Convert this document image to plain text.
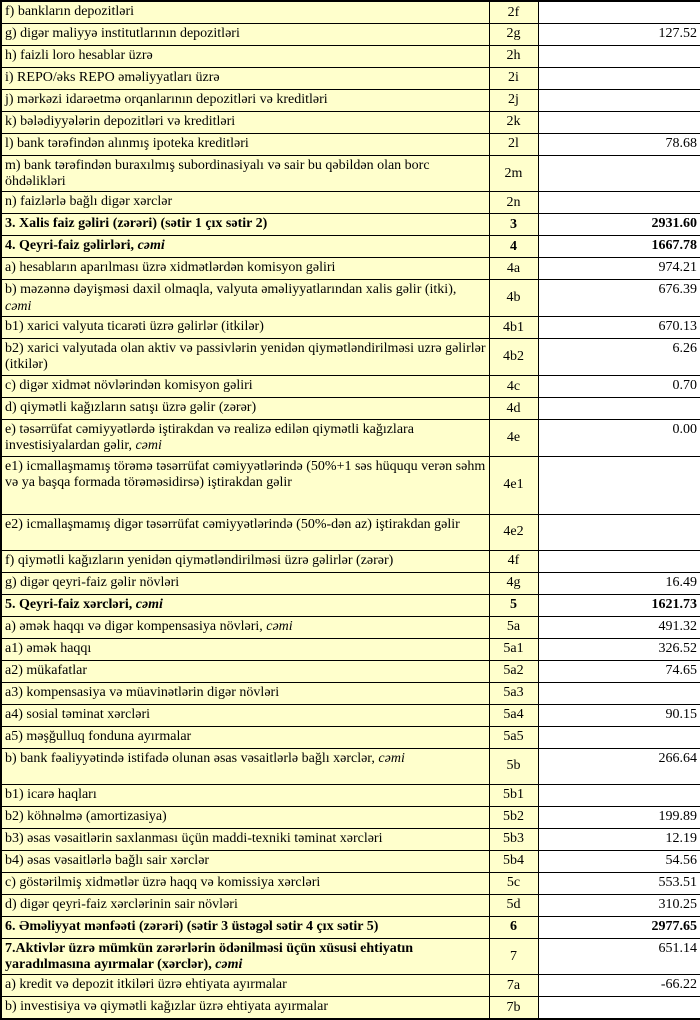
f) bankların depozitləri	2f	
g) digər maliyyə institutlarının depozitləri	2g	127.52
h) faizli loro hesablar üzrə	2h	
i) REPO/əks REPO əməliyyatları üzrə	2i	
j) mərkəzi idarəetmə orqanlarının depozitləri və kreditləri	2j	
k) bələdiyyələrin depozitləri və kreditləri	2k	
l) bank tərəfindən alınmış ipoteka kreditləri	2l	78.68
m) bank tərəfindən buraxılmış subordinasiyalı və sair bu qəbildən olan borc öhdəlikləri	2m	
n) faizlərlə bağlı digər xərclər	2n	
3. Xalis faiz gəliri (zərəri) (sətir 1 çıx sətir 2)	3	2931.60
4. Qeyri-faiz gəlirləri, cəmi	4	1667.78
a) hesabların aparılması üzrə xidmətlərdən komisyon gəliri	4a	974.21
b) məzənnə dəyişməsi daxil olmaqla, valyuta əməliyyatlarından xalis gəlir (itki), cəmi	4b	676.39
b1) xarici valyuta ticarəti üzrə gəlirlər (itkilər)	4b1	670.13
b2) xarici valyutada olan aktiv və passivlərin yenidən qiymətləndirilməsi uzrə gəlirlər (itkilər)	4b2	6.26
c) digər xidmət növlərindən komisyon gəliri	4c	0.70
d) qiymətli kağızların satışı üzrə gəlir (zərər)	4d	
e) təsərrüfat cəmiyyətlərdə iştirakdan və realizə edilən qiymətli kağızlara investisiyalardan gəlir, cəmi	4e	0.00
e1) icmallaşmamış törəmə təsərrüfat cəmiyyətlərində (50%+1 səs hüququ verən səhm və ya başqa formada törəməsidirsə) iştirakdan gəlir	4e1	
e2) icmallaşmamış digər təsərrüfat cəmiyyətlərində (50%-dən az) iştirakdan gəlir	4e2	
f) qiymətli kağızların yenidən qiymətləndirilməsi üzrə gəlirlər (zərər)	4f	
g) digər qeyri-faiz gəlir növləri	4g	16.49
5. Qeyri-faiz xərcləri, cəmi	5	1621.73
a) əmək haqqı və digər kompensasiya növləri, cəmi	5a	491.32
a1) əmək haqqı	5a1	326.52
a2) mükafatlar	5a2	74.65
a3) kompensasiya və müavinətlərin digər növləri	5a3	
a4) sosial təminat xərcləri	5a4	90.15
a5) məşğulluq fonduna ayırmalar	5a5	
b) bank fəaliyyətində istifadə olunan əsas vəsaitlərlə bağlı xərclər, cəmi	5b	266.64
b1) icarə haqları	5b1	
b2) köhnəlmə (amortizasiya)	5b2	199.89
b3) əsas vəsaitlərin saxlanması üçün maddi-texniki təminat xərcləri	5b3	12.19
b4) əsas vəsaitlərlə bağlı sair xərclər	5b4	54.56
c) göstərilmiş xidmətlər üzrə haqq və komissiya xərcləri	5c	553.51
d) digər qeyri-faiz xərclərinin sair növləri	5d	310.25
6. Əməliyyat mənfəəti (zərəri) (sətir 3 üstəgəl sətir 4 çıx sətir 5)	6	2977.65
7.Aktivlər üzrə mümkün zərərlərin ödənilməsi üçün xüsusi ehtiyatın yaradılmasına ayırmalar (xərclər), cəmi	7	651.14
a) kredit və depozit itkiləri üzrə ehtiyata ayırmalar	7a	-66.22
b) investisiya və qiymətli kağızlar üzrə ehtiyata ayırmalar	7b	
